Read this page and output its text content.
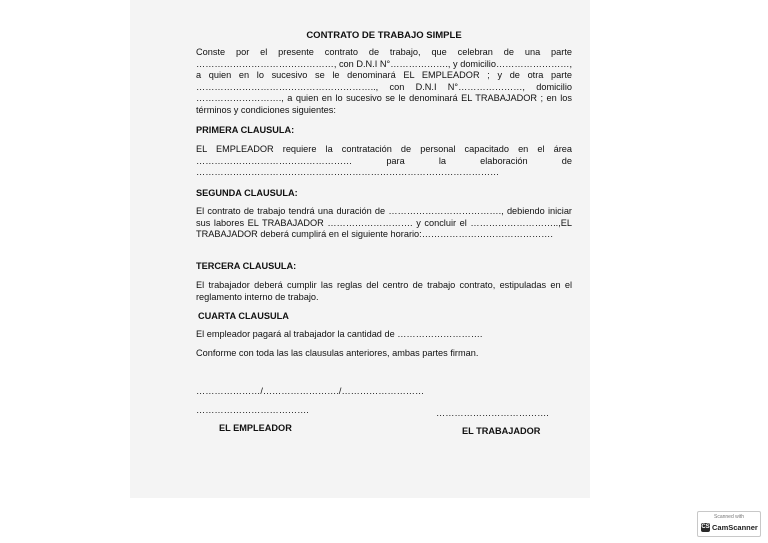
CONTRATO DE TRABAJO SIMPLE

Conste por el presente contrato de trabajo, que celebran de una parte ………………………………………, con D.N.I N°………………., y domicilio……………………, a quien en lo sucesivo se le denominará EL EMPLEADOR ; y de otra parte ………………………………………………….., con D.N.I N°…………………, domicilio ………………………., a quien en lo sucesivo se le denominará EL TRABAJADOR ; en los términos y condiciones siguientes:

PRIMERA CLAUSULA:

EL EMPLEADOR requiere la contratación de personal capacitado en el área …………………………………………… para la elaboración de ………………………………………………………………………………………

SEGUNDA CLAUSULA:

El contrato de trabajo tendrá una duración de ………………………………., debiendo iniciar sus labores EL TRABAJADOR ………………………. y concluir el ………………………..,EL TRABAJADOR deberá cumplirá en el siguiente horario:…………………………………….

TERCERA CLAUSULA:

El trabajador deberá cumplir las reglas del centro de trabajo contrato, estipuladas en el reglamento interno de trabajo.

CUARTA CLAUSULA

El empleador pagará al trabajador la cantidad de ……………………….

Conforme con toda las las clausulas anteriores, ambas partes firman.

…………………/……………………./………………………

……………………………….	……………………………….

EL EMPLEADOR	EL TRABAJADOR

Scanned with
CS CamScanner
